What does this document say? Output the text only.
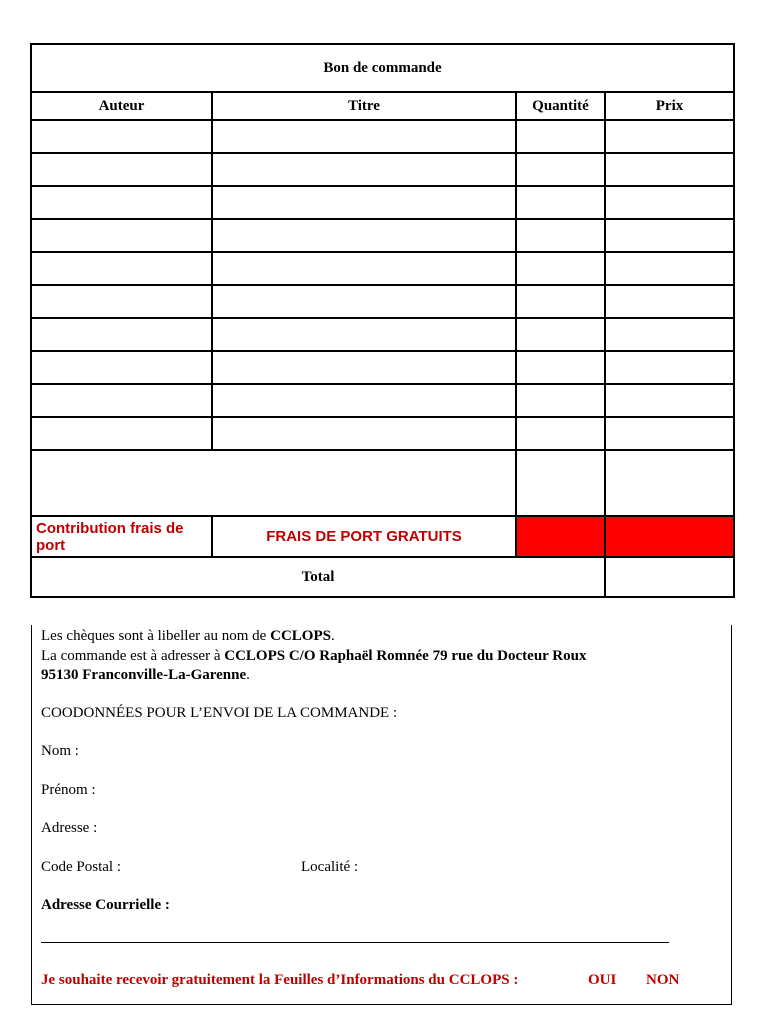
Bon de commande			
Auteur	Titre	Quantité	Prix

Contribution frais de port	FRAIS DE PORT GRATUITS		
Total			
Les chèques sont à libeller au nom de CCLOPS.
La commande est à adresser à CCLOPS C/O Raphaël Romnée 79 rue du Docteur Roux
95130 Franconville-La-Garenne.
COODONNÉES POUR L’ENVOI DE LA COMMANDE :
Nom :
Prénom :
Adresse :
Code Postal :	Localité :
Adresse Courrielle :
Je souhaite recevoir gratuitement la Feuilles d’Informations du CCLOPS :	OUI NON
